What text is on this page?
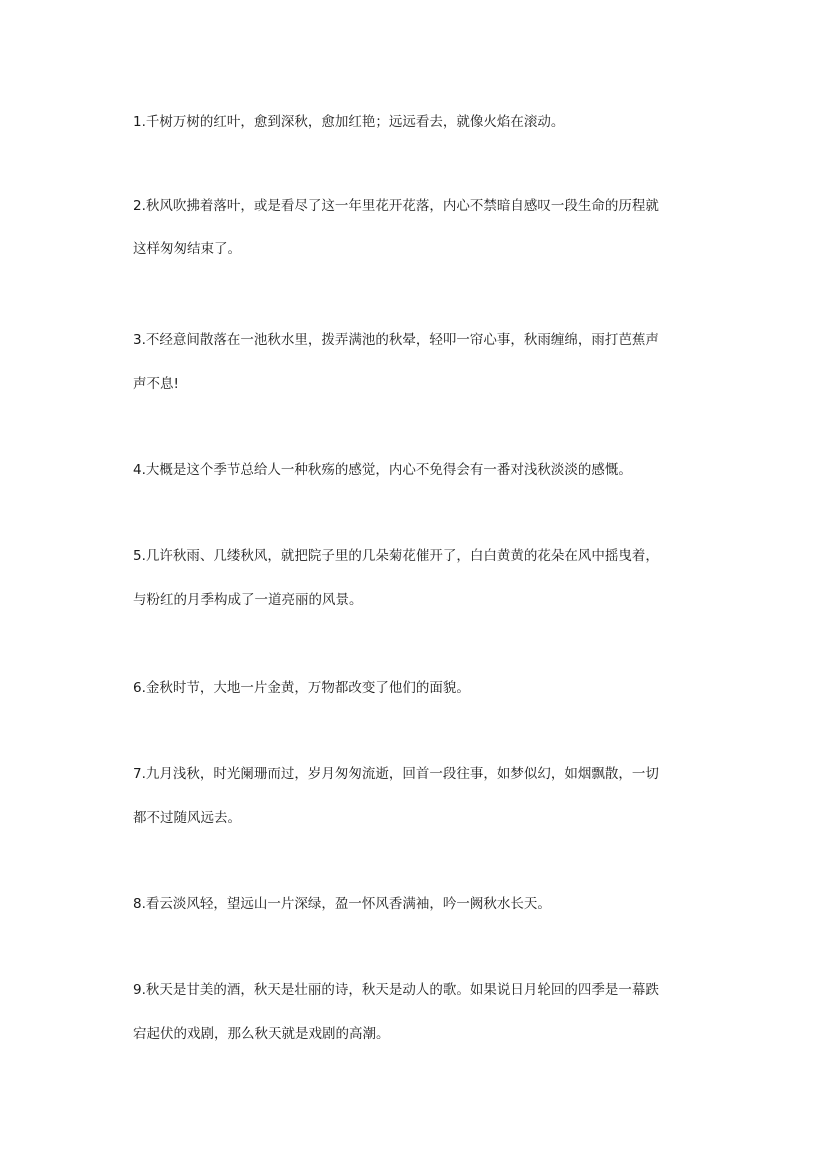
1.千树万树的红叶，愈到深秋，愈加红艳；远远看去，就像火焰在滚动。

2.秋风吹拂着落叶，或是看尽了这一年里花开花落，内心不禁暗自感叹一段生命的历程就
这样匆匆结束了。

3.不经意间散落在一池秋水里，拨弄满池的秋晕，轻叩一帘心事，秋雨缠绵，雨打芭蕉声
声不息!

4.大概是这个季节总给人一种秋殇的感觉，内心不免得会有一番对浅秋淡淡的感慨。

5.几许秋雨、几缕秋风，就把院子里的几朵菊花催开了，白白黄黄的花朵在风中摇曳着，
与粉红的月季构成了一道亮丽的风景。

6.金秋时节，大地一片金黄，万物都改变了他们的面貌。

7.九月浅秋，时光阑珊而过，岁月匆匆流逝，回首一段往事，如梦似幻，如烟飘散，一切
都不过随风远去。

8.看云淡风轻，望远山一片深绿，盈一怀风香满袖，吟一阙秋水长天。

9.秋天是甘美的酒，秋天是壮丽的诗，秋天是动人的歌。如果说日月轮回的四季是一幕跌
宕起伏的戏剧，那么秋天就是戏剧的高潮。
